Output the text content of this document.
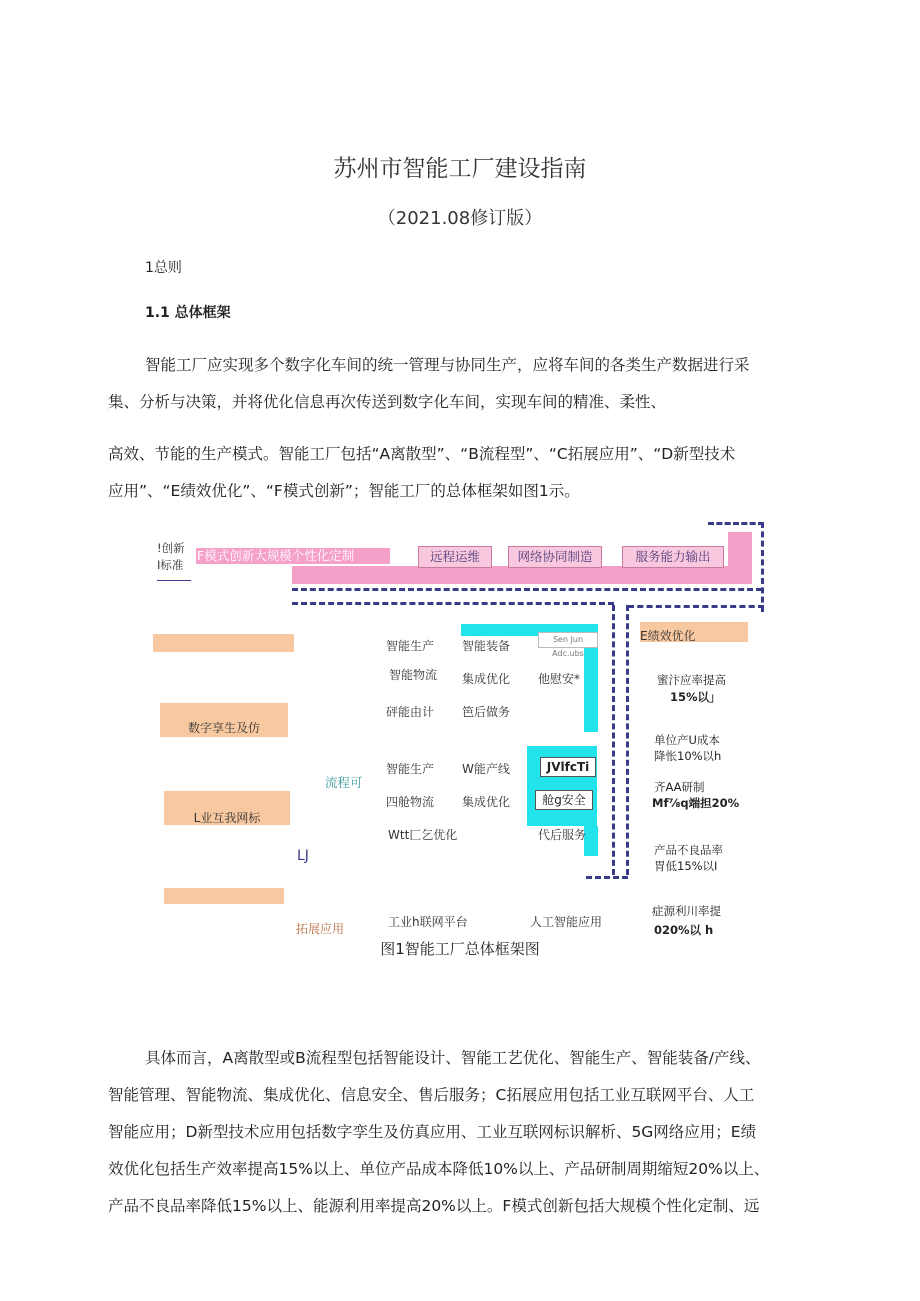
苏州市智能工厂建设指南
（2021.08修订版）
1总则
1.1 总体框架
智能工厂应实现多个数字化车间的统一管理与协同生产，应将车间的各类生产数据进行采
集、分析与决策，并将优化信息再次传送到数字化车间，实现车间的精准、柔性、
高效、节能的生产模式。智能工厂包括“A离散型”、“B流程型”、“C拓展应用”、“D新型技术
应用”、“E绩效优化”、“F模式创新”；智能工厂的总体框架如图1示。
!创新
I标准
F模式创新大规模个性化定制	远程运维	网络协同制造	服务能力输出
数字享生及仿
L业互我网标
流程可
LJ
拓展应用
Sen Jun Adc.ubs
智能生产 智能装备
智能物流 集成优化 他慰安*
砰能由计 笆后做务
智能生产 W能产线	JVlfcTi
四舱物流 集成优化	舱g安全
Wtt匚乞优化	代后服务
工业h联网平台	人工智能应用
E绩效优化
蜜汴应率提高
15%以」
单位产U成本
降怅10%以h
齐AA研制
Mf⅞q端担20%
产品不良品率
胃低15%以I
症源利川率提
020%以 h
图1智能工厂总体框架图
具体而言，A离散型或B流程型包括智能设计、智能工艺优化、智能生产、智能装备/产线、
智能管理、智能物流、集成优化、信息安全、售后服务；C拓展应用包括工业互联网平台、人工
智能应用；D新型技术应用包括数字孪生及仿真应用、工业互联网标识解析、5G网络应用；E绩
效优化包括生产效率提高15%以上、单位产品成本降低10%以上、产品研制周期缩短20%以上、
产品不良品率降低15%以上、能源利用率提高20%以上。F模式创新包括大规模个性化定制、远
